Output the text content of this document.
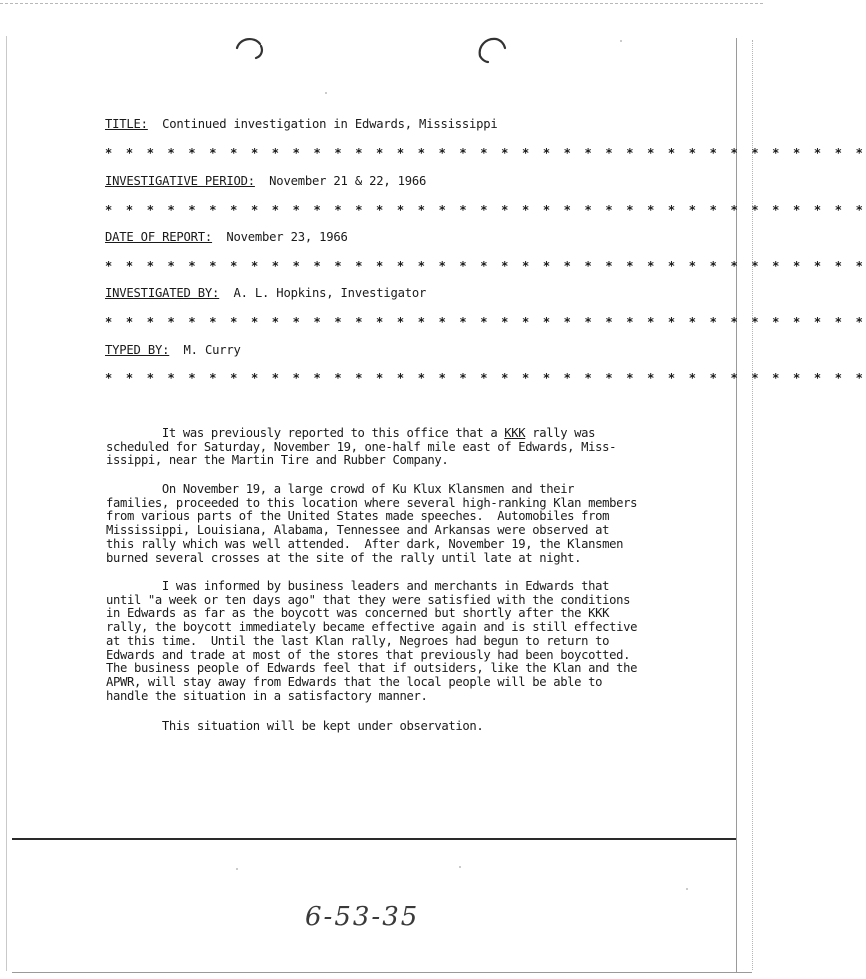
TITLE: Continued investigation in Edwards, Mississippi
* * * * * * * * * * * * * * * * * * * * * * * * * * * * * * * * * * * * *
INVESTIGATIVE PERIOD: November 21 & 22, 1966
* * * * * * * * * * * * * * * * * * * * * * * * * * * * * * * * * * * * *
DATE OF REPORT: November 23, 1966
* * * * * * * * * * * * * * * * * * * * * * * * * * * * * * * * * * * * *
INVESTIGATED BY: A. L. Hopkins, Investigator
* * * * * * * * * * * * * * * * * * * * * * * * * * * * * * * * * * * * *
TYPED BY: M. Curry
* * * * * * * * * * * * * * * * * * * * * * * * * * * * * * * * * * * * *
It was previously reported to this office that a KKK rally was
scheduled for Saturday, November 19, one-half mile east of Edwards, Miss-
issippi, near the Martin Tire and Rubber Company.
On November 19, a large crowd of Ku Klux Klansmen and their
families, proceeded to this location where several high-ranking Klan members
from various parts of the United States made speeches.  Automobiles from
Mississippi, Louisiana, Alabama, Tennessee and Arkansas were observed at
this rally which was well attended.  After dark, November 19, the Klansmen
burned several crosses at the site of the rally until late at night.
I was informed by business leaders and merchants in Edwards that
until "a week or ten days ago" that they were satisfied with the conditions
in Edwards as far as the boycott was concerned but shortly after the KKK
rally, the boycott immediately became effective again and is still effective
at this time.  Until the last Klan rally, Negroes had begun to return to
Edwards and trade at most of the stores that previously had been boycotted.
The business people of Edwards feel that if outsiders, like the Klan and the
APWR, will stay away from Edwards that the local people will be able to
handle the situation in a satisfactory manner.
This situation will be kept under observation.
6-53-35
